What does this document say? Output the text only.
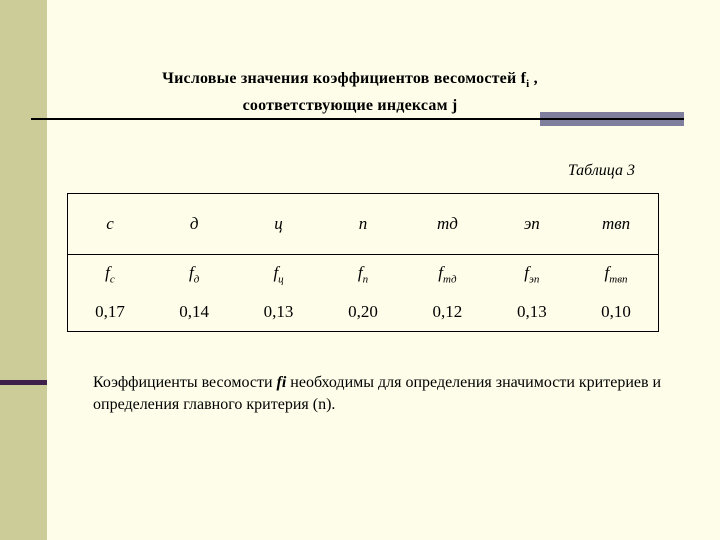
Числовые значения коэффициентов весомостей $f_i$ ,
соответствующие индексам j
Таблица 3
с	д	ц	п	тд	эп	твп
$f_с$	$f_д$	$f_ц$	$f_п$	$f_{тд}$	$f_{эп}$	$f_{твп}$
0,17	0,14	0,13	0,20	0,12	0,13	0,10
Коэффициенты весомости fi необходимы для определения значимости критериев и определения главного критерия (n).
